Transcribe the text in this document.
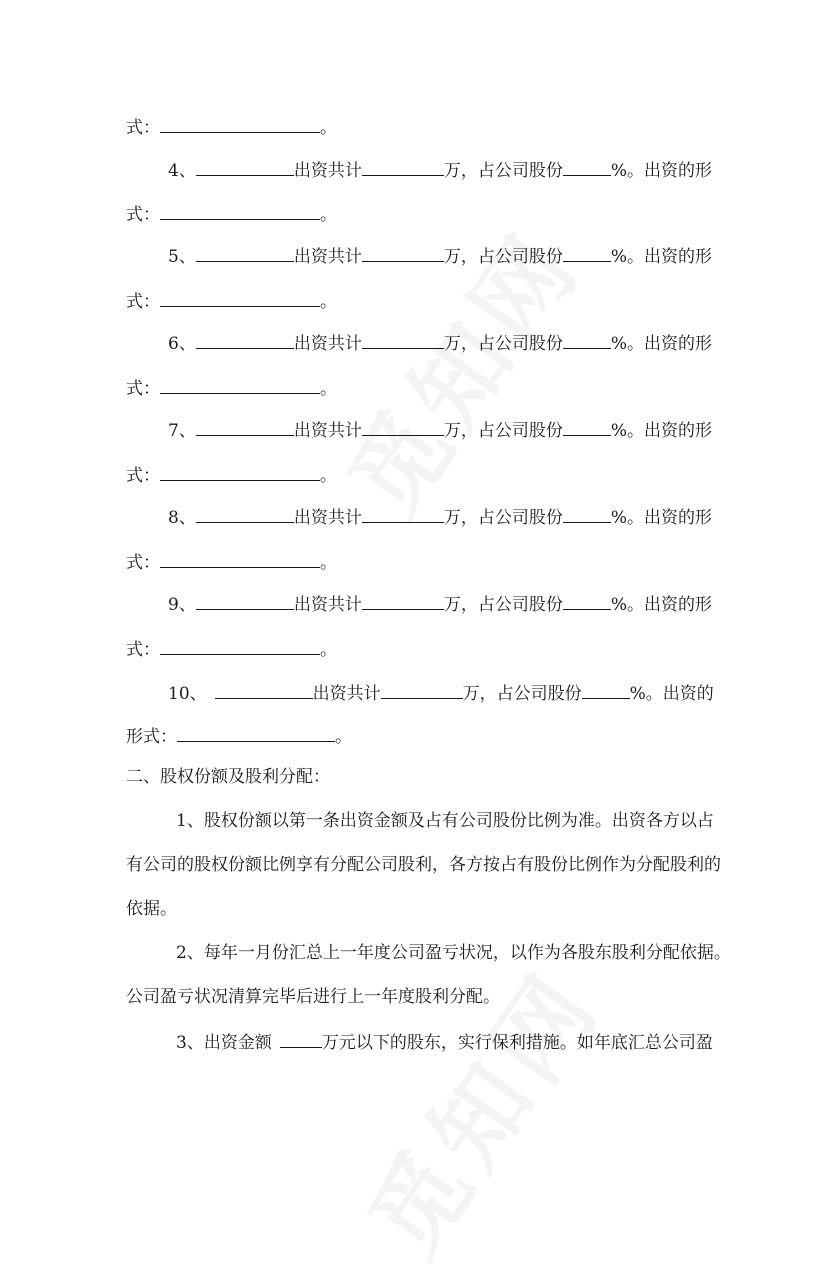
式：	。
4、	出资共计	万，占公司股份	%。出资的形
式：	。
5、	出资共计	万，占公司股份	%。出资的形
式：	。
6、	出资共计	万，占公司股份	%。出资的形
式：	。
7、	出资共计	万，占公司股份	%。出资的形
式：	。
8、	出资共计	万，占公司股份	%。出资的形
式：	。
9、	出资共计	万，占公司股份	%。出资的形
式：	。
10、	出资共计	万，占公司股份	%。出资的
形式：	。
二、股权份额及股利分配：
1、股权份额以第一条出资金额及占有公司股份比例为准。出资各方以占
有公司的股权份额比例享有分配公司股利，各方按占有股份比例作为分配股利的
依据。
2、每年一月份汇总上一年度公司盈亏状况，以作为各股东股利分配依据。
公司盈亏状况清算完毕后进行上一年度股利分配。
3、出资金额	万元以下的股东，实行保利措施。如年底汇总公司盈
